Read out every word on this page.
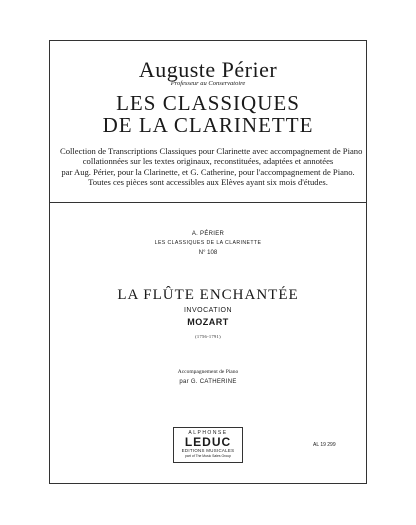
Auguste Périer
Professeur au Conservatoire
LES CLASSIQUES
DE LA CLARINETTE
Collection de Transcriptions Classiques pour Clarinette avec accompagnement de Piano
collationnées sur les textes originaux, reconstituées, adaptées et annotées
par Aug. Périer, pour la Clarinette, et G. Catherine, pour l'accompagnement de Piano.
Toutes ces pièces sont accessibles aux Elèves ayant six mois d'études.
A. PÉRIER
LES CLASSIQUES DE LA CLARINETTE
N° 108
LA FLÛTE ENCHANTÉE
INVOCATION
MOZART
(1756-1791)
Accompagnement de Piano
par G. CATHERINE
ALPHONSE
LEDUC
EDITIONS MUSICALES
part of The Music Sales Group
AL 19 299
